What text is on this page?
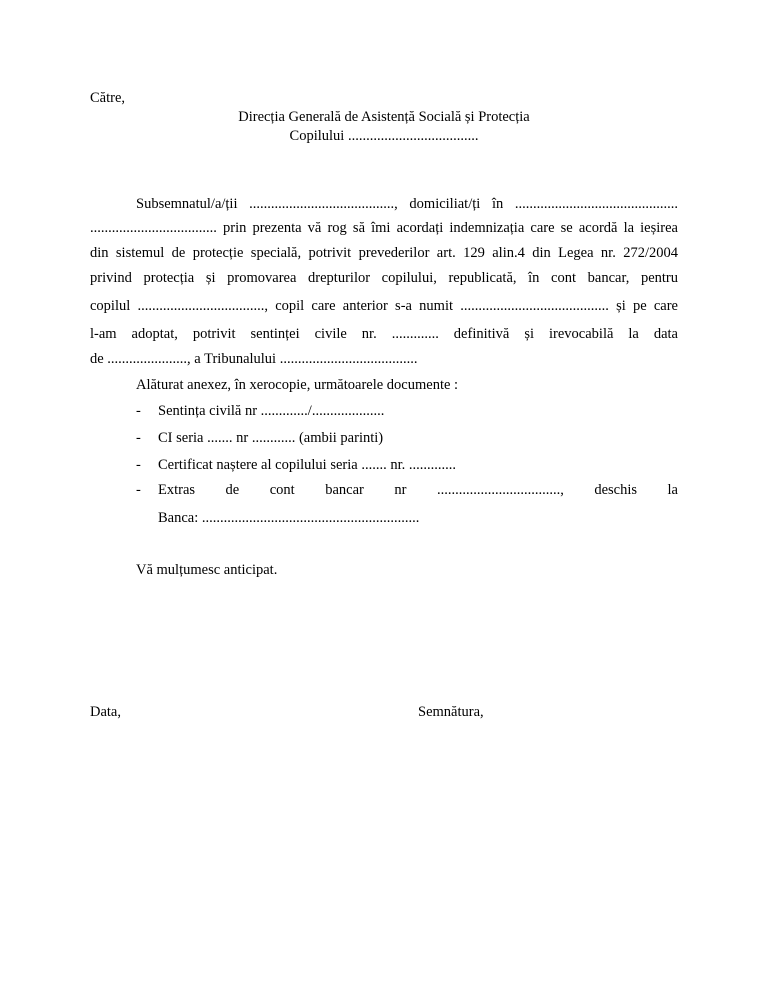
Către,
Direcția Generală de Asistență Socială și Protecția
Copilului ....................................
Subsemnatul/a/ții ........................................, domiciliat/ți în .............................................
................................... prin prezenta vă rog să îmi acordați indemnizația care se acordă la ieșirea
din sistemul de protecție specială, potrivit prevederilor art. 129 alin.4 din Legea nr. 272/2004
privind protecția și promovarea drepturilor copilului, republicată, în cont bancar, pentru
copilul ..................................., copil care anterior s-a numit ......................................... și pe care
l-am adoptat, potrivit sentinței civile nr. ............. definitivă și irevocabilă la data
de ......................, a Tribunalului ......................................
Alăturat anexez, în xerocopie, următoarele documente :
- Sentința civilă nr ............./....................
- CI seria ....... nr ............ (ambii parinti)
- Certificat naștere al copilului seria ....... nr. .............
- Extras de cont bancar nr .................................., deschis la
Banca: ............................................................
Vă mulțumesc anticipat.
Data,	Semnătura,
